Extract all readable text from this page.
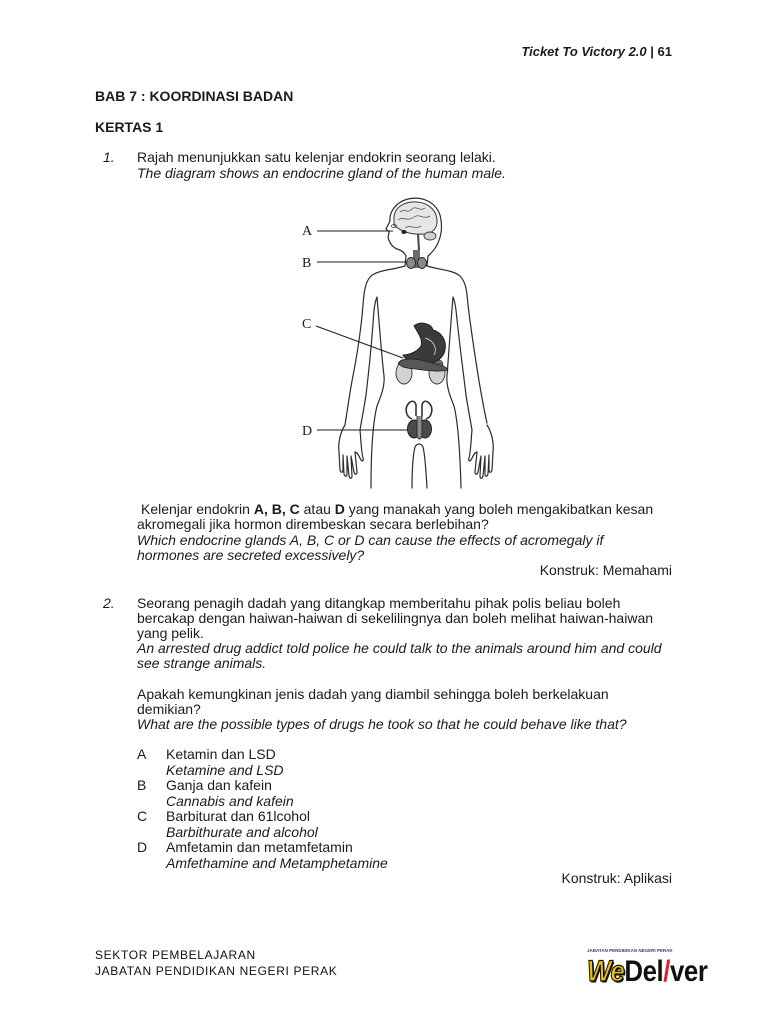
Ticket To Victory 2.0 | 61
BAB 7 : KOORDINASI BADAN
KERTAS 1
1. Rajah menunjukkan satu kelenjar endokrin seorang lelaki.
The diagram shows an endocrine gland of the human male.
A
B
C
D
Kelenjar endokrin A, B, C atau D yang manakah yang boleh mengakibatkan kesan
akromegali jika hormon dirembeskan secara berlebihan?
Which endocrine glands A, B, C or D can cause the effects of acromegaly if
hormones are secreted excessively?
Konstruk: Memahami
2. Seorang penagih dadah yang ditangkap memberitahu pihak polis beliau boleh
bercakap dengan haiwan-haiwan di sekelilingnya dan boleh melihat haiwan-haiwan
yang pelik.
An arrested drug addict told police he could talk to the animals around him and could
see strange animals.
Apakah kemungkinan jenis dadah yang diambil sehingga boleh berkelakuan
demikian?
What are the possible types of drugs he took so that he could behave like that?
A Ketamin dan LSD
Ketamine and LSD
B Ganja dan kafein
Cannabis and kafein
C Barbiturat dan 61lcohol
Barbithurate and alcohol
D Amfetamin dan metamfetamin
Amfethamine and Metamphetamine
Konstruk: Aplikasi
SEKTOR PEMBELAJARAN
JABATAN PENDIDIKAN NEGERI PERAK
JABATAN PENDIDIKAN NEGERI PERAK
WeDel/ver
